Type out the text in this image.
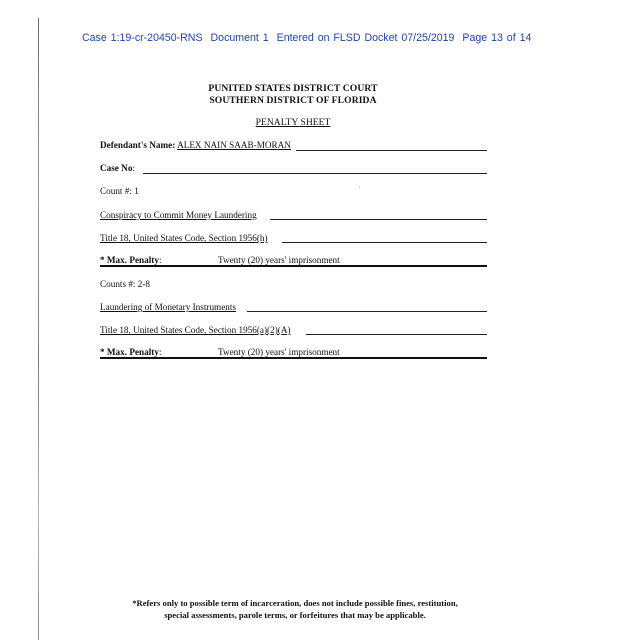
Case 1:19-cr-20450-RNS Document 1 Entered on FLSD Docket 07/25/2019 Page 13 of 14
PUNITED STATES DISTRICT COURT
SOUTHERN DISTRICT OF FLORIDA
PENALTY SHEET
Defendant's Name: ALEX NAIN SAAB-MORAN
Case No:
Count #: 1
Conspiracy to Commit Money Laundering
Title 18, United States Code, Section 1956(h)
* Max. Penalty:	Twenty (20) years' imprisonment
Counts #: 2-8
Laundering of Monetary Instruments
Title 18, United States Code, Section 1956(a)(2)(A)
* Max. Penalty:	Twenty (20) years' imprisonment
*Refers only to possible term of incarceration, does not include possible fines, restitution,
special assessments, parole terms, or forfeitures that may be applicable.
